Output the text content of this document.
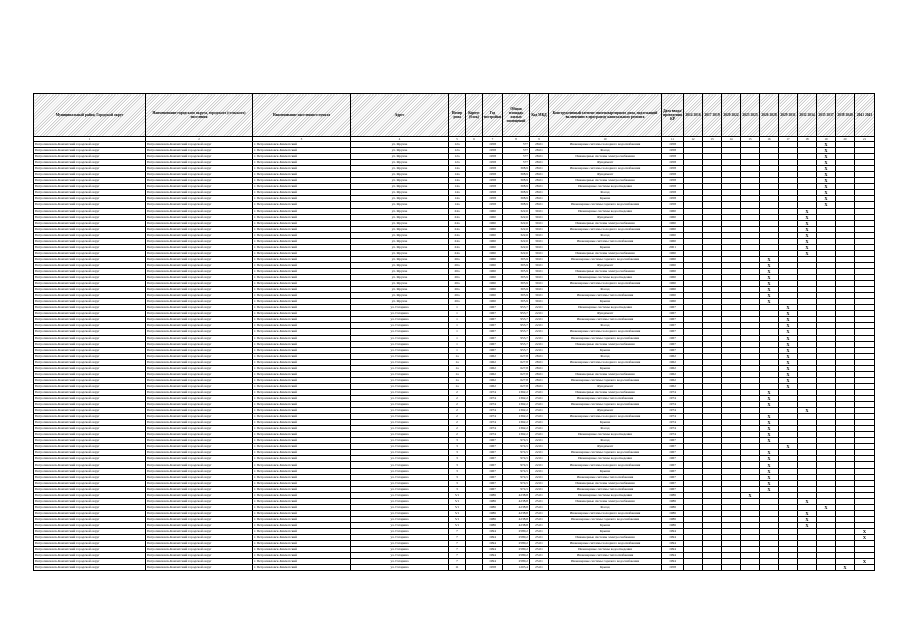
Муниципальный район, Городской округ	Наименование городского округа, городского (сельского) поселения	Наименование населенного пункта	Адрес	Номер дома	Корпус (блок)	Год постройки	Общая площадь жилых помещений	Код МКД	Конструктивный элемент многоквартирного дома, подлежащий включению в программу капитального ремонта	Дата ввода/проведения КР	2014 2016	2017 2019	2020 2022	2023 2025	2026 2028	2029 2031	2032 2034	2035 2037	2038 2040	2041 2043
1	2	3	4	5	6	7	8	9	10	11	12	13	14	15	16	17	18	19	20	21
Петропавловск-Камчатский городской округ	Петропавловск-Камчатский городской округ	г. Петропавловск-Камчатский	ул. Фрунзе	12а		1958	577	28.01	Инженерные системы холодного водоснабжения	1958								X		
Петропавловск-Камчатский городской округ	Петропавловск-Камчатский городской округ	г. Петропавловск-Камчатский	ул. Фрунзе	12а		1958	577	28.01	Фасад	1958								X		
Петропавловск-Камчатский городской округ	Петропавловск-Камчатский городской округ	г. Петропавловск-Камчатский	ул. Фрунзе	12а		1958	577	28.01	Инженерные системы электроснабжения	1958								X		
Петропавловск-Камчатский городской округ	Петропавловск-Камчатский городской округ	г. Петропавловск-Камчатский	ул. Фрунзе	12а		1958	577	28.01	Фундамент	1958								X		
Петропавловск-Камчатский городской округ	Петропавловск-Камчатский городской округ	г. Петропавловск-Камчатский	ул. Фрунзе	14а		1958	308,9	28.01	Инженерные системы холодного водоснабжения	1958								X		
Петропавловск-Камчатский городской округ	Петропавловск-Камчатский городской округ	г. Петропавловск-Камчатский	ул. Фрунзе	14а		1958	308,9	28.01	Фундамент	1958								X		
Петропавловск-Камчатский городской округ	Петропавловск-Камчатский городской округ	г. Петропавловск-Камчатский	ул. Фрунзе	14а		1958	308,9	28.01	Инженерные системы электроснабжения	1958								X		
Петропавловск-Камчатский городской округ	Петропавловск-Камчатский городской округ	г. Петропавловск-Камчатский	ул. Фрунзе	14а		1958	308,9	28.01	Инженерные системы водоотведения	1958								X		
Петропавловск-Камчатский городской округ	Петропавловск-Камчатский городской округ	г. Петропавловск-Камчатский	ул. Фрунзе	14а		1958	308,9	28.01	Фасад	1958								X		
Петропавловск-Камчатский городской округ	Петропавловск-Камчатский городской округ	г. Петропавловск-Камчатский	ул. Фрунзе	14а		1958	308,9	28.01	Крыша	1958								X		
Петропавловск-Камчатский городской округ	Петропавловск-Камчатский городской округ	г. Петропавловск-Камчатский	ул. Фрунзе	14а		1958	308,9	28.01	Инженерные системы горячего водоснабжения	1958								X		
Петропавловск-Камчатский городской округ	Петропавловск-Камчатский городской округ	г. Петропавловск-Камчатский	ул. Фрунзе	24а		1960	322,6	30.01	Инженерные системы водоотведения	1960							X			
Петропавловск-Камчатский городской округ	Петропавловск-Камчатский городской округ	г. Петропавловск-Камчатский	ул. Фрунзе	24а		1960	322,6	30.01	Фундамент	1960							X			
Петропавловск-Камчатский городской округ	Петропавловск-Камчатский городской округ	г. Петропавловск-Камчатский	ул. Фрунзе	24а		1960	322,6	30.01	Инженерные системы электроснабжения	1960							X			
Петропавловск-Камчатский городской округ	Петропавловск-Камчатский городской округ	г. Петропавловск-Камчатский	ул. Фрунзе	24а		1960	322,6	30.01	Инженерные системы холодного водоснабжения	1960							X			
Петропавловск-Камчатский городской округ	Петропавловск-Камчатский городской округ	г. Петропавловск-Камчатский	ул. Фрунзе	24а		1960	322,6	30.01	Фасад	1960							X			
Петропавловск-Камчатский городской округ	Петропавловск-Камчатский городской округ	г. Петропавловск-Камчатский	ул. Фрунзе	24а		1960	322,6	30.01	Инженерные системы теплоснабжения	1960							X			
Петропавловск-Камчатский городской округ	Петропавловск-Камчатский городской округ	г. Петропавловск-Камчатский	ул. Фрунзе	24а		1960	322,6	30.01	Крыша	2001							X			
Петропавловск-Камчатский городской округ	Петропавловск-Камчатский городской округ	г. Петропавловск-Камчатский	ул. Фрунзе	24а		1960	322,6	30.01	Инженерные системы электроснабжения	1960							X			
Петропавловск-Камчатский городской округ	Петропавловск-Камчатский городской округ	г. Петропавловск-Камчатский	ул. Фрунзе	26а		1960	305,9	30.01	Инженерные системы горячего водоснабжения	1960					X					
Петропавловск-Камчатский городской округ	Петропавловск-Камчатский городской округ	г. Петропавловск-Камчатский	ул. Фрунзе	26а		1960	305,9	30.01	Фундамент	1960					X					
Петропавловск-Камчатский городской округ	Петропавловск-Камчатский городской округ	г. Петропавловск-Камчатский	ул. Фрунзе	26а		1960	305,9	30.01	Инженерные системы электроснабжения	1960					X					
Петропавловск-Камчатский городской округ	Петропавловск-Камчатский городской округ	г. Петропавловск-Камчатский	ул. Фрунзе	26а		1960	305,9	30.01	Инженерные системы водоотведения	1960					X					
Петропавловск-Камчатский городской округ	Петропавловск-Камчатский городской округ	г. Петропавловск-Камчатский	ул. Фрунзе	26а		1960	305,9	30.01	Инженерные системы холодного водоснабжения	1960					X					
Петропавловск-Камчатский городской округ	Петропавловск-Камчатский городской округ	г. Петропавловск-Камчатский	ул. Фрунзе	26а		1960	305,9	30.01	Фасад	1960					X					
Петропавловск-Камчатский городской округ	Петропавловск-Камчатский городской округ	г. Петропавловск-Камчатский	ул. Фрунзе	26а		1960	305,9	30.01	Инженерные системы теплоснабжения	1960					X					
Петропавловск-Камчатский городской округ	Петропавловск-Камчатский городской округ	г. Петропавловск-Камчатский	ул. Фрунзе	26а		1960	305,9	30.01	Крыша	1960					X					
Петропавловск-Камчатский городской округ	Петропавловск-Камчатский городской округ	г. Петропавловск-Камчатский	ул. Гагарина	1		1967	953,7	22.01	Инженерные системы водоотведения	1967						X				
Петропавловск-Камчатский городской округ	Петропавловск-Камчатский городской округ	г. Петропавловск-Камчатский	ул. Гагарина	1		1967	953,7	22.01	Фундамент	1967						X				
Петропавловск-Камчатский городской округ	Петропавловск-Камчатский городской округ	г. Петропавловск-Камчатский	ул. Гагарина	1		1967	953,7	22.01	Инженерные системы теплоснабжения	1967						X				
Петропавловск-Камчатский городской округ	Петропавловск-Камчатский городской округ	г. Петропавловск-Камчатский	ул. Гагарина	1		1967	953,7	22.01	Фасад	1967						X				
Петропавловск-Камчатский городской округ	Петропавловск-Камчатский городской округ	г. Петропавловск-Камчатский	ул. Гагарина	1		1967	953,7	22.01	Инженерные системы холодного водоснабжения	1967						X				
Петропавловск-Камчатский городской округ	Петропавловск-Камчатский городской округ	г. Петропавловск-Камчатский	ул. Гагарина	1		1967	953,7	22.01	Инженерные системы горячего водоснабжения	1967						X				
Петропавловск-Камчатский городской округ	Петропавловск-Камчатский городской округ	г. Петропавловск-Камчатский	ул. Гагарина	1		1967	953,7	22.01	Инженерные системы электроснабжения	1967						X				
Петропавловск-Камчатский городской округ	Петропавловск-Камчатский городской округ	г. Петропавловск-Камчатский	ул. Гагарина	1		1967	953,7	22.01	Крыша	1967						X				
Петропавловск-Камчатский городской округ	Петропавловск-Камчатский городской округ	г. Петропавловск-Камчатский	ул. Гагарина	1а		1962	627,8	28.01	Фасад	1962						X				
Петропавловск-Камчатский городской округ	Петропавловск-Камчатский городской округ	г. Петропавловск-Камчатский	ул. Гагарина	1а		1962	627,8	28.01	Инженерные системы холодного водоснабжения	1962						X				
Петропавловск-Камчатский городской округ	Петропавловск-Камчатский городской округ	г. Петропавловск-Камчатский	ул. Гагарина	1а		1962	627,8	28.01	Крыша	1962						X				
Петропавловск-Камчатский городской округ	Петропавловск-Камчатский городской округ	г. Петропавловск-Камчатский	ул. Гагарина	1а		1962	627,8	28.01	Инженерные системы электроснабжения	1962						X				
Петропавловск-Камчатский городской округ	Петропавловск-Камчатский городской округ	г. Петропавловск-Камчатский	ул. Гагарина	1а		1962	627,8	28.01	Инженерные системы горячего водоснабжения	1962						X				
Петропавловск-Камчатский городской округ	Петропавловск-Камчатский городской округ	г. Петропавловск-Камчатский	ул. Гагарина	1а		1962	627,8	28.01	Фундамент	1962						X				
Петропавловск-Камчатский городской округ	Петропавловск-Камчатский городской округ	г. Петропавловск-Камчатский	ул. Гагарина	2		1974	1362,2	23.01	Инженерные системы электроснабжения	1974					X					
Петропавловск-Камчатский городской округ	Петропавловск-Камчатский городской округ	г. Петропавловск-Камчатский	ул. Гагарина	2		1974	1362,2	23.01	Инженерные системы теплоснабжения	1974					X					
Петропавловск-Камчатский городской округ	Петропавловск-Камчатский городской округ	г. Петропавловск-Камчатский	ул. Гагарина	2		1974	1362,2	23.01	Инженерные системы горячего водоснабжения	1974					X					
Петропавловск-Камчатский городской округ	Петропавловск-Камчатский городской округ	г. Петропавловск-Камчатский	ул. Гагарина	2		1974	1362,2	23.01	Фундамент	1974							X			
Петропавловск-Камчатский городской округ	Петропавловск-Камчатский городской округ	г. Петропавловск-Камчатский	ул. Гагарина	2		1974	1362,2	23.01	Инженерные системы холодного водоснабжения	1974					X					
Петропавловск-Камчатский городской округ	Петропавловск-Камчатский городской округ	г. Петропавловск-Камчатский	ул. Гагарина	2		1974	1362,2	23.01	Крыша	1974					X					
Петропавловск-Камчатский городской округ	Петропавловск-Камчатский городской округ	г. Петропавловск-Камчатский	ул. Гагарина	2		1974	1362,2	23.01	Фасад	1974					X					
Петропавловск-Камчатский городской округ	Петропавловск-Камчатский городской округ	г. Петропавловск-Камчатский	ул. Гагарина	2		1974	1362,2	23.01	Инженерные системы водоотведения	1974					X					
Петропавловск-Камчатский городской округ	Петропавловск-Камчатский городской округ	г. Петропавловск-Камчатский	ул. Гагарина	3		1967	974,5	22.01	Фасад	1967					X					
Петропавловск-Камчатский городской округ	Петропавловск-Камчатский городской округ	г. Петропавловск-Камчатский	ул. Гагарина	3		1967	974,5	22.01	Фундамент	1967						X				
Петропавловск-Камчатский городской округ	Петропавловск-Камчатский городской округ	г. Петропавловск-Камчатский	ул. Гагарина	3		1967	974,5	22.01	Инженерные системы горячего водоснабжения	1967					X					
Петропавловск-Камчатский городской округ	Петропавловск-Камчатский городской округ	г. Петропавловск-Камчатский	ул. Гагарина	3		1967	974,5	22.01	Инженерные системы водоотведения	1967					X					
Петропавловск-Камчатский городской округ	Петропавловск-Камчатский городской округ	г. Петропавловск-Камчатский	ул. Гагарина	3		1967	974,5	22.01	Инженерные системы холодного водоснабжения	1967					X					
Петропавловск-Камчатский городской округ	Петропавловск-Камчатский городской округ	г. Петропавловск-Камчатский	ул. Гагарина	3		1967	974,5	22.01	Крыша	1967					X					
Петропавловск-Камчатский городской округ	Петропавловск-Камчатский городской округ	г. Петропавловск-Камчатский	ул. Гагарина	3		1967	974,5	22.01	Инженерные системы теплоснабжения	1967					X					
Петропавловск-Камчатский городской округ	Петропавловск-Камчатский городской округ	г. Петропавловск-Камчатский	ул. Гагарина	3		1967	974,5	22.01	Инженерные системы электроснабжения	1967					X					
Петропавловск-Камчатский городской округ	Петропавловск-Камчатский городской округ	г. Петропавловск-Камчатский	ул. Гагарина	3		1967	974,5	22.01	Инженерные системы теплоснабжения	1967					X					
Петропавловск-Камчатский городской округ	Петропавловск-Камчатский городской округ	г. Петропавловск-Камчатский	ул. Гагарина	5/1		1986	4238,8	25.01	Инженерные системы водоотведения	1986				X						
Петропавловск-Камчатский городской округ	Петропавловск-Камчатский городской округ	г. Петропавловск-Камчатский	ул. Гагарина	5/1		1986	4238,8	25.01	Инженерные системы электроснабжения	1986							X			
Петропавловск-Камчатский городской округ	Петропавловск-Камчатский городской округ	г. Петропавловск-Камчатский	ул. Гагарина	5/1		1986	4238,8	25.01	Фасад	1986								X		
Петропавловск-Камчатский городской округ	Петропавловск-Камчатский городской округ	г. Петропавловск-Камчатский	ул. Гагарина	5/1		1986	4238,8	25.01	Инженерные системы холодного водоснабжения	1986							X			
Петропавловск-Камчатский городской округ	Петропавловск-Камчатский городской округ	г. Петропавловск-Камчатский	ул. Гагарина	5/1		1986	4238,8	25.01	Инженерные системы горячего водоснабжения	1986							X			
Петропавловск-Камчатский городской округ	Петропавловск-Камчатский городской округ	г. Петропавловск-Камчатский	ул. Гагарина	5/1		1986	4238,8	25.01	Крыша	1986							X			
Петропавловск-Камчатский городской округ	Петропавловск-Камчатский городской округ	г. Петропавловск-Камчатский	ул. Гагарина	7		1994	2580,2	25.01	Крыша	1994										X
Петропавловск-Камчатский городской округ	Петропавловск-Камчатский городской округ	г. Петропавловск-Камчатский	ул. Гагарина	7		1994	2580,2	25.01	Инженерные системы электроснабжения	1994										X
Петропавловск-Камчатский городской округ	Петропавловск-Камчатский городской округ	г. Петропавловск-Камчатский	ул. Гагарина	7		1994	2580,2	25.01	Инженерные системы холодного водоснабжения	1994										
Петропавловск-Камчатский городской округ	Петропавловск-Камчатский городской округ	г. Петропавловск-Камчатский	ул. Гагарина	7		1994	2580,2	25.01	Инженерные системы водоотведения	1994										
Петропавловск-Камчатский городской округ	Петропавловск-Камчатский городской округ	г. Петропавловск-Камчатский	ул. Гагарина	7		1994	2580,2	25.01	Инженерные системы теплоснабжения	1994										
Петропавловск-Камчатский городской округ	Петропавловск-Камчатский городской округ	г. Петропавловск-Камчатский	ул. Гагарина	7		1994	2580,2	25.01	Инженерные системы горячего водоснабжения	1994										X
Петропавловск-Камчатский городской округ	Петропавловск-Камчатский городской округ	г. Петропавловск-Камчатский	ул. Гагарина	11		1958	1203,4	25.01	Крыша	1958									X	
